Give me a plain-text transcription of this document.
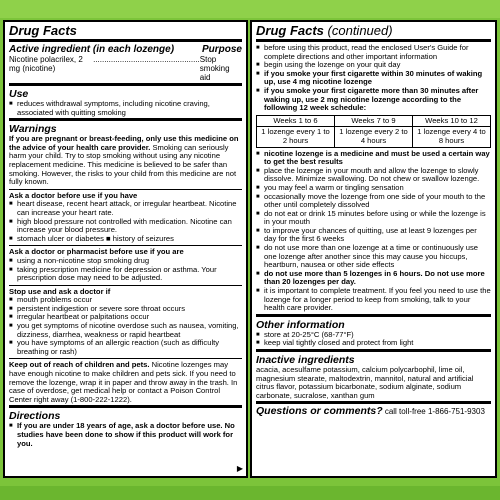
Drug Facts
Active ingredient (in each lozenge)	Purpose
Nicotine polacrilex, 2 mg (nicotine)
................................................ Stop smoking aid
Use
■ reduces withdrawal symptoms, including nicotine craving, associated with quitting smoking
Warnings
If you are pregnant or breast-feeding, only use this medicine on the advice of your health care provider. Smoking can seriously harm your child. Try to stop smoking without using any nicotine replacement medicine. This medicine is believed to be safer than smoking. However, the risks to your child from this medicine are not fully known.
Ask a doctor before use if you have
■ heart disease, recent heart attack, or irregular heartbeat. Nicotine can increase your heart rate.
■ high blood pressure not controlled with medication. Nicotine can increase your blood pressure.
■ stomach ulcer or diabetes ■ history of seizures
Ask a doctor or pharmacist before use if you are
■ using a non-nicotine stop smoking drug
■ taking prescription medicine for depression or asthma. Your prescription dose may need to be adjusted.
Stop use and ask a doctor if
■ mouth problems occur
■ persistent indigestion or severe sore throat occurs
■ irregular heartbeat or palpitations occur
■ you get symptoms of nicotine overdose such as nausea, vomiting, dizziness, diarrhea, weakness or rapid heartbeat
■ you have symptoms of an allergic reaction (such as difficulty breathing or rash)
Keep out of reach of children and pets. Nicotine lozenges may have enough nicotine to make children and pets sick. If you need to remove the lozenge, wrap it in paper and throw away in the trash. In case of overdose, get medical help or contact a Poison Control Center right away (1-800-222-1222).
Directions
■ If you are under 18 years of age, ask a doctor before use. No studies have been done to show if this product will work for you.
▶
Drug Facts (continued)
■ before using this product, read the enclosed User's Guide for complete directions and other important information
■ begin using the lozenge on your quit day
■ if you smoke your first cigarette within 30 minutes of waking up, use 4 mg nicotine lozenge
■ if you smoke your first cigarette more than 30 minutes after waking up, use 2 mg nicotine lozenge according to the following 12 week schedule:
Weeks 1 to 6	Weeks 7 to 9	Weeks 10 to 12
1 lozenge every 1 to 2 hours	1 lozenge every 2 to 4 hours	1 lozenge every 4 to 8 hours
■ nicotine lozenge is a medicine and must be used a certain way to get the best results
■ place the lozenge in your mouth and allow the lozenge to slowly dissolve. Minimize swallowing. Do not chew or swallow lozenge.
■ you may feel a warm or tingling sensation
■ occasionally move the lozenge from one side of your mouth to the other until completely dissolved
■ do not eat or drink 15 minutes before using or while the lozenge is in your mouth
■ to improve your chances of quitting, use at least 9 lozenges per day for the first 6 weeks
■ do not use more than one lozenge at a time or continuously use one lozenge after another since this may cause you hiccups, heartburn, nausea or other side effects
■ do not use more than 5 lozenges in 6 hours. Do not use more than 20 lozenges per day.
■ it is important to complete treatment. If you feel you need to use the lozenge for a longer period to keep from smoking, talk to your health care provider.
Other information
■ store at 20-25°C (68-77°F)
■ keep vial tightly closed and protect from light
Inactive ingredients
acacia, acesulfame potassium, calcium polycarbophil, lime oil, magnesium stearate, maltodextrin, mannitol, natural and artificial citrus flavor, potassium bicarbonate, sodium alginate, sodium carbonate, sucralose, xanthan gum
Questions or comments? call toll-free 1-866-751-9303
